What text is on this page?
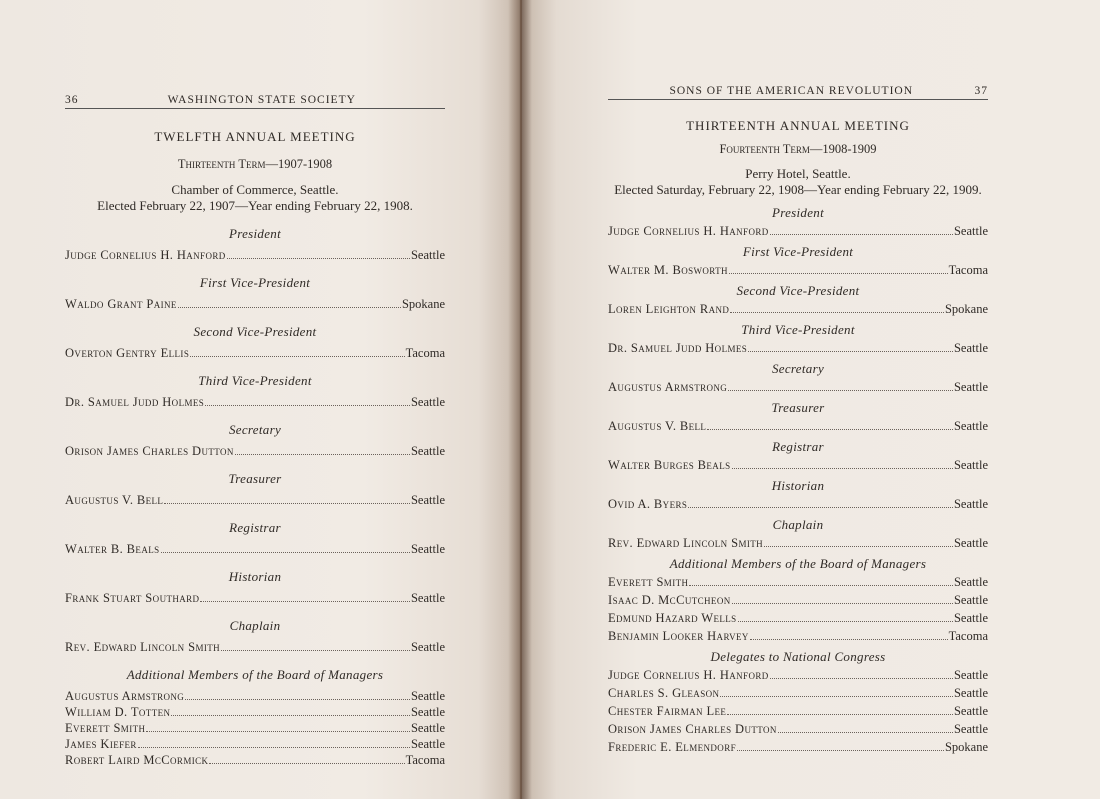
36	WASHINGTON STATE SOCIETY
TWELFTH ANNUAL MEETING
Thirteenth Term—1907-1908
Chamber of Commerce, Seattle.
Elected February 22, 1907—Year ending February 22, 1908.
President
Judge Cornelius H. Hanford	Seattle
First Vice-President
Waldo Grant Paine	Spokane
Second Vice-President
Overton Gentry Ellis	Tacoma
Third Vice-President
Dr. Samuel Judd Holmes	Seattle
Secretary
Orison James Charles Dutton	Seattle
Treasurer
Augustus V. Bell	Seattle
Registrar
Walter B. Beals	Seattle
Historian
Frank Stuart Southard	Seattle
Chaplain
Rev. Edward Lincoln Smith	Seattle
Additional Members of the Board of Managers
Augustus Armstrong	Seattle
William D. Totten	Seattle
Everett Smith	Seattle
James Kiefer	Seattle
Robert Laird McCormick	Tacoma
SONS OF THE AMERICAN REVOLUTION	37
THIRTEENTH ANNUAL MEETING
Fourteenth Term—1908-1909
Perry Hotel, Seattle.
Elected Saturday, February 22, 1908—Year ending February 22, 1909.
President
Judge Cornelius H. Hanford	Seattle
First Vice-President
Walter M. Bosworth	Tacoma
Second Vice-President
Loren Leighton Rand	Spokane
Third Vice-President
Dr. Samuel Judd Holmes	Seattle
Secretary
Augustus Armstrong	Seattle
Treasurer
Augustus V. Bell	Seattle
Registrar
Walter Burges Beals	Seattle
Historian
Ovid A. Byers	Seattle
Chaplain
Rev. Edward Lincoln Smith	Seattle
Additional Members of the Board of Managers
Everett Smith	Seattle
Isaac D. McCutcheon	Seattle
Edmund Hazard Wells	Seattle
Benjamin Looker Harvey	Tacoma
Delegates to National Congress
Judge Cornelius H. Hanford	Seattle
Charles S. Gleason	Seattle
Chester Fairman Lee	Seattle
Orison James Charles Dutton	Seattle
Frederic E. Elmendorf	Spokane
